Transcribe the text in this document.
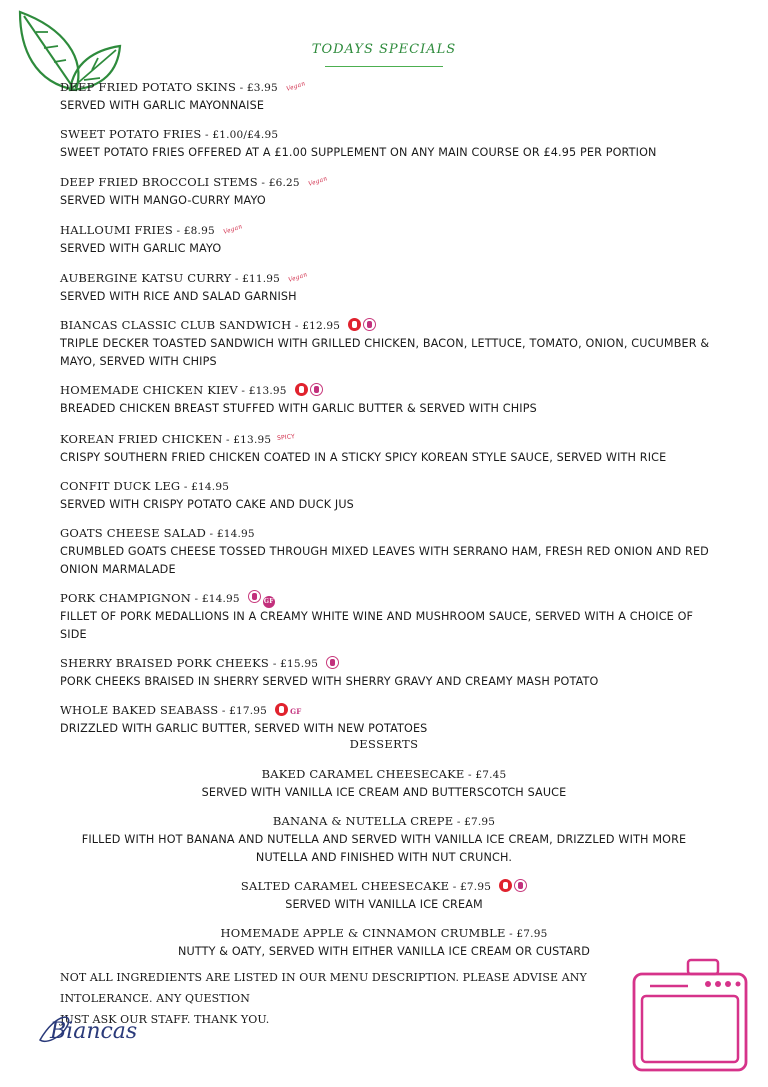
TODAYS SPECIALS
DEEP FRIED POTATO SKINS - £3.95 Vegan
SERVED WITH GARLIC MAYONNAISE
SWEET POTATO FRIES - £1.00/£4.95
SWEET POTATO FRIES OFFERED AT A £1.00 SUPPLEMENT ON ANY MAIN COURSE OR £4.95 PER PORTION
DEEP FRIED BROCCOLI STEMS - £6.25 Vegan
SERVED WITH MANGO-CURRY MAYO
HALLOUMI FRIES - £8.95 Vegan
SERVED WITH GARLIC MAYO
AUBERGINE KATSU CURRY - £11.95 Vegan
SERVED WITH RICE AND SALAD GARNISH
BIANCAS CLASSIC CLUB SANDWICH - £12.95
TRIPLE DECKER TOASTED SANDWICH WITH GRILLED CHICKEN, BACON, LETTUCE, TOMATO, ONION, CUCUMBER & MAYO, SERVED WITH CHIPS
HOMEMADE CHICKEN KIEV - £13.95
BREADED CHICKEN BREAST STUFFED WITH GARLIC BUTTER & SERVED WITH CHIPS
KOREAN FRIED CHICKEN - £13.95 SPICY
CRISPY SOUTHERN FRIED CHICKEN COATED IN A STICKY SPICY KOREAN STYLE SAUCE, SERVED WITH RICE
CONFIT DUCK LEG - £14.95
SERVED WITH CRISPY POTATO CAKE AND DUCK JUS
GOATS CHEESE SALAD - £14.95
CRUMBLED GOATS CHEESE TOSSED THROUGH MIXED LEAVES WITH SERRANO HAM, FRESH RED ONION AND RED ONION MARMALADE
PORK CHAMPIGNON - £14.95	GF
FILLET OF PORK MEDALLIONS IN A CREAMY WHITE WINE AND MUSHROOM SAUCE, SERVED WITH A CHOICE OF SIDE
SHERRY BRAISED PORK CHEEKS - £15.95
PORK CHEEKS BRAISED IN SHERRY SERVED WITH SHERRY GRAVY AND CREAMY MASH POTATO
WHOLE BAKED SEABASS - £17.95	GF
DRIZZLED WITH GARLIC BUTTER, SERVED WITH NEW POTATOES
DESSERTS
BAKED CARAMEL CHEESECAKE - £7.45
SERVED WITH VANILLA ICE CREAM AND BUTTERSCOTCH SAUCE
BANANA & NUTELLA CREPE - £7.95
FILLED WITH HOT BANANA AND NUTELLA AND SERVED WITH VANILLA ICE CREAM, DRIZZLED WITH MORE NUTELLA AND FINISHED WITH NUT CRUNCH.
SALTED CARAMEL CHEESECAKE - £7.95
SERVED WITH VANILLA ICE CREAM
HOMEMADE APPLE & CINNAMON CRUMBLE - £7.95
NUTTY & OATY, SERVED WITH EITHER VANILLA ICE CREAM OR CUSTARD
NOT ALL INGREDIENTS ARE LISTED IN OUR MENU DESCRIPTION. PLEASE ADVISE ANY INTOLERANCE. ANY QUESTION
JUST ASK OUR STAFF. THANK YOU.
Biancas
